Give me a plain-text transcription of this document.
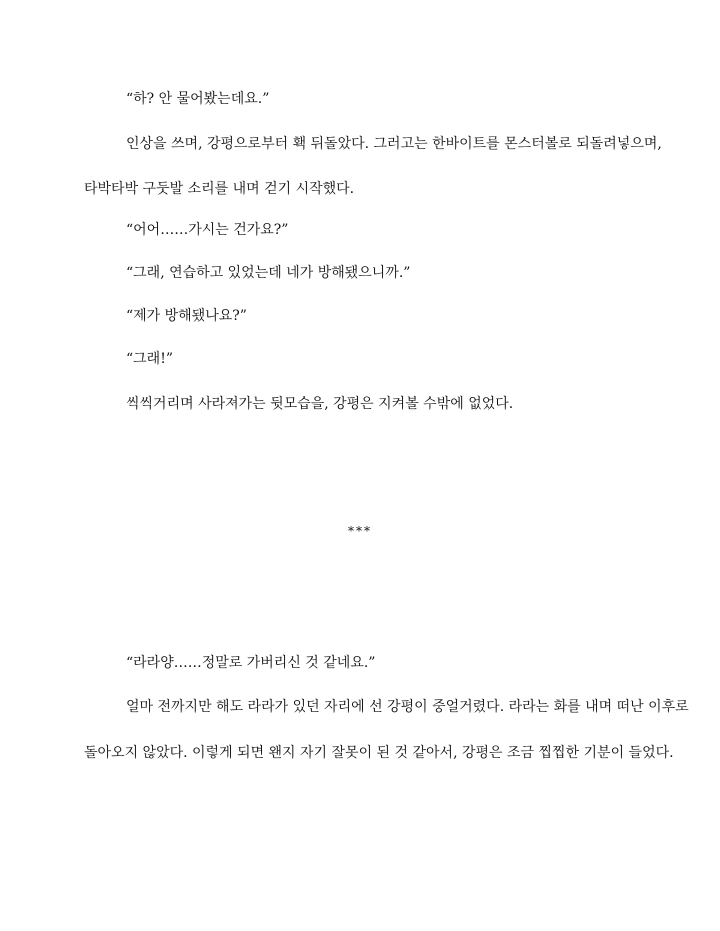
“하? 안 물어봤는데요.”

인상을 쓰며, 강평으로부터 홱 뒤돌았다. 그러고는 한바이트를 몬스터볼로 되돌려넣으며,

타박타박 구둣발 소리를 내며 걷기 시작했다.

“어어……가시는 건가요?”

“그래, 연습하고 있었는데 네가 방해됐으니까.”

“제가 방해됐나요?”

“그래!”

씩씩거리며 사라져가는 뒷모습을, 강평은 지켜볼 수밖에 없었다.

***

“라라양……정말로 가버리신 것 같네요.”

얼마 전까지만 해도 라라가 있던 자리에 선 강평이 중얼거렸다. 라라는 화를 내며 떠난 이후로

돌아오지 않았다. 이렇게 되면 왠지 자기 잘못이 된 것 같아서, 강평은 조금 찝찝한 기분이 들었다.
